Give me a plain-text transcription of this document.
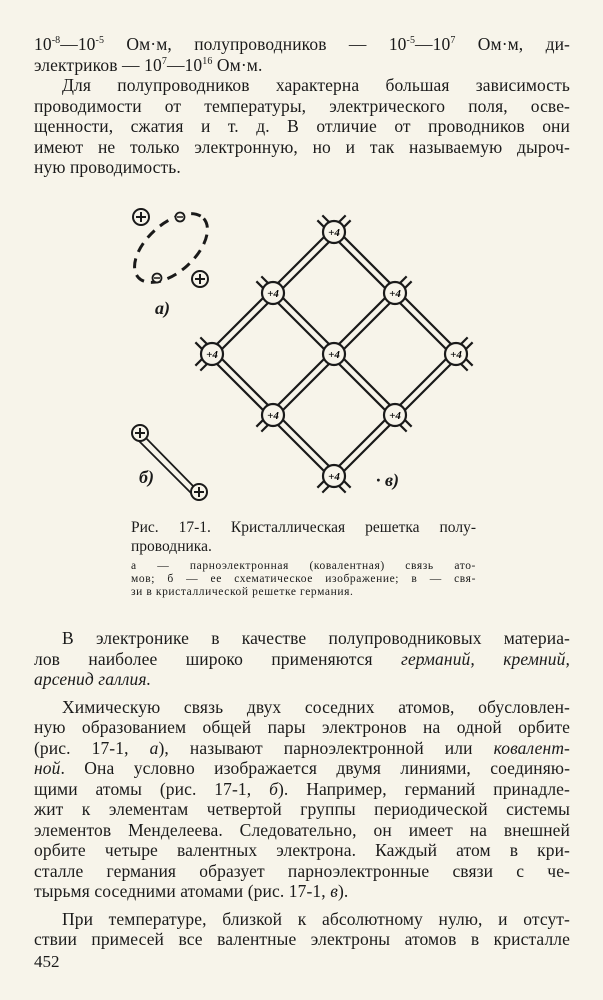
$10^{-8}—10^{-5}$ Ом·м, полупроводников — $10^{-5}—10^7$ Ом·м, ди-
электриков — $10^7—10^{16}$ Ом·м.

Для полупроводников характерна большая зависимость
проводимости от температуры, электрического поля, осве-
щенности, сжатия и т. д. В отличие от проводников они
имеют не только электронную, но и так называемую дыроч-
ную проводимость.

+4
+4
+4
+4
+4
+4
+4
+4
+4
а)
б)	· в)
Рис. 17-1. Кристаллическая решетка полу-
проводника.
а — парноэлектронная (ковалентная) связь ато-
мов; б — ее схематическое изображение; в — свя-
зи в кристаллической решетке германия.

В электронике в качестве полупроводниковых материа-
лов наиболее широко применяются германий, кремний,
арсенид галлия.

Химическую связь двух соседних атомов, обусловлен-
ную образованием общей пары электронов на одной орбите
(рис. 17-1, а), называют парноэлектронной или ковалент-
ной. Она условно изображается двумя линиями, соединяю-
щими атомы (рис. 17-1, б). Например, германий принадле-
жит к элементам четвертой группы периодической системы
элементов Менделеева. Следовательно, он имеет на внешней
орбите четыре валентных электрона. Каждый атом в кри-
сталле германия образует парноэлектронные связи с че-
тырьмя соседними атомами (рис. 17-1, в).

При температуре, близкой к абсолютному нулю, и отсут-
ствии примесей все валентные электроны атомов в кристалле

452
